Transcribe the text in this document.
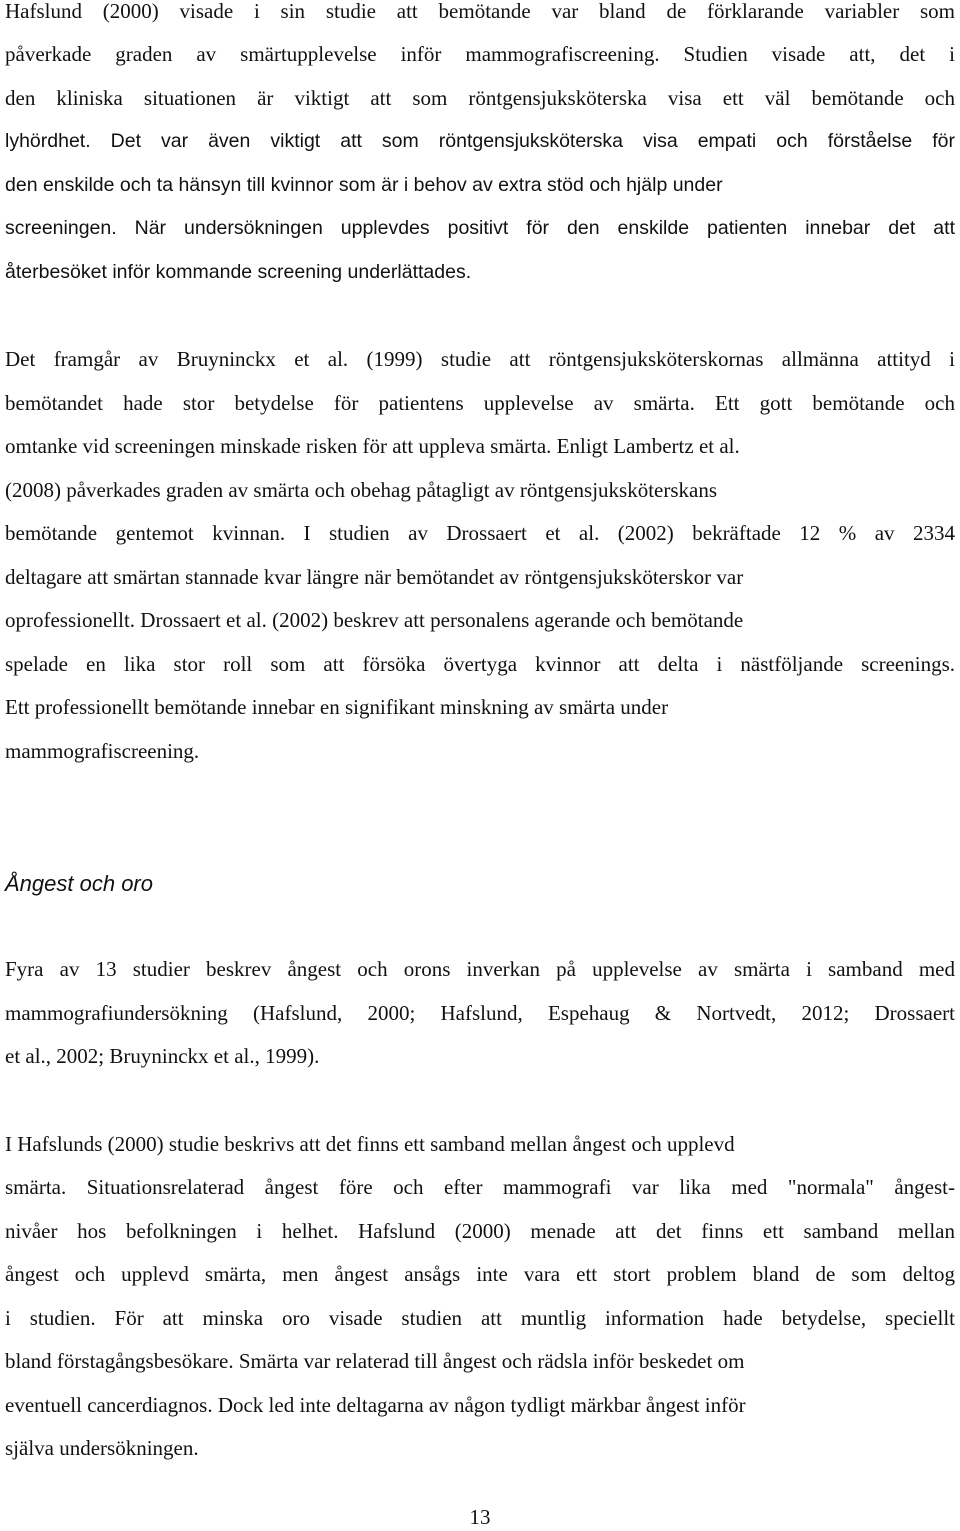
Hafslund (2000) visade i sin studie att bemötande var bland de förklarande variabler som
påverkade graden av smärtupplevelse inför mammografiscreening. Studien visade att, det i
den kliniska situationen är viktigt att som röntgensjuksköterska visa ett väl bemötande och
lyhördhet. Det var även viktigt att som röntgensjuksköterska visa empati och förståelse för
den enskilde och ta hänsyn till kvinnor som är i behov av extra stöd och hjälp under
screeningen. När undersökningen upplevdes positivt för den enskilde patienten innebar det att
återbesöket inför kommande screening underlättades.
Det framgår av Bruyninckx et al. (1999) studie att röntgensjuksköterskornas allmänna attityd i
bemötandet hade stor betydelse för patientens upplevelse av smärta. Ett gott bemötande och
omtanke vid screeningen minskade risken för att uppleva smärta. Enligt Lambertz et al.
(2008) påverkades graden av smärta och obehag påtagligt av röntgensjuksköterskans
bemötande gentemot kvinnan. I studien av Drossaert et al. (2002) bekräftade 12 % av 2334
deltagare att smärtan stannade kvar längre när bemötandet av röntgensjuksköterskor var
oprofessionellt. Drossaert et al. (2002) beskrev att personalens agerande och bemötande
spelade en lika stor roll som att försöka övertyga kvinnor att delta i nästföljande screenings.
Ett professionellt bemötande innebar en signifikant minskning av smärta under
mammografiscreening.
Ångest och oro
Fyra av 13 studier beskrev ångest och orons inverkan på upplevelse av smärta i samband med
mammografiundersökning (Hafslund, 2000; Hafslund, Espehaug & Nortvedt, 2012; Drossaert
et al., 2002; Bruyninckx et al., 1999).
I Hafslunds (2000) studie beskrivs att det finns ett samband mellan ångest och upplevd
smärta. Situationsrelaterad ångest före och efter mammografi var lika med "normala" ångest-
nivåer hos befolkningen i helhet. Hafslund (2000) menade att det finns ett samband mellan
ångest och upplevd smärta, men ångest ansågs inte vara ett stort problem bland de som deltog
i studien. För att minska oro visade studien att muntlig information hade betydelse, speciellt
bland förstagångsbesökare. Smärta var relaterad till ångest och rädsla inför beskedet om
eventuell cancerdiagnos. Dock led inte deltagarna av någon tydligt märkbar ångest inför
själva undersökningen.
13
